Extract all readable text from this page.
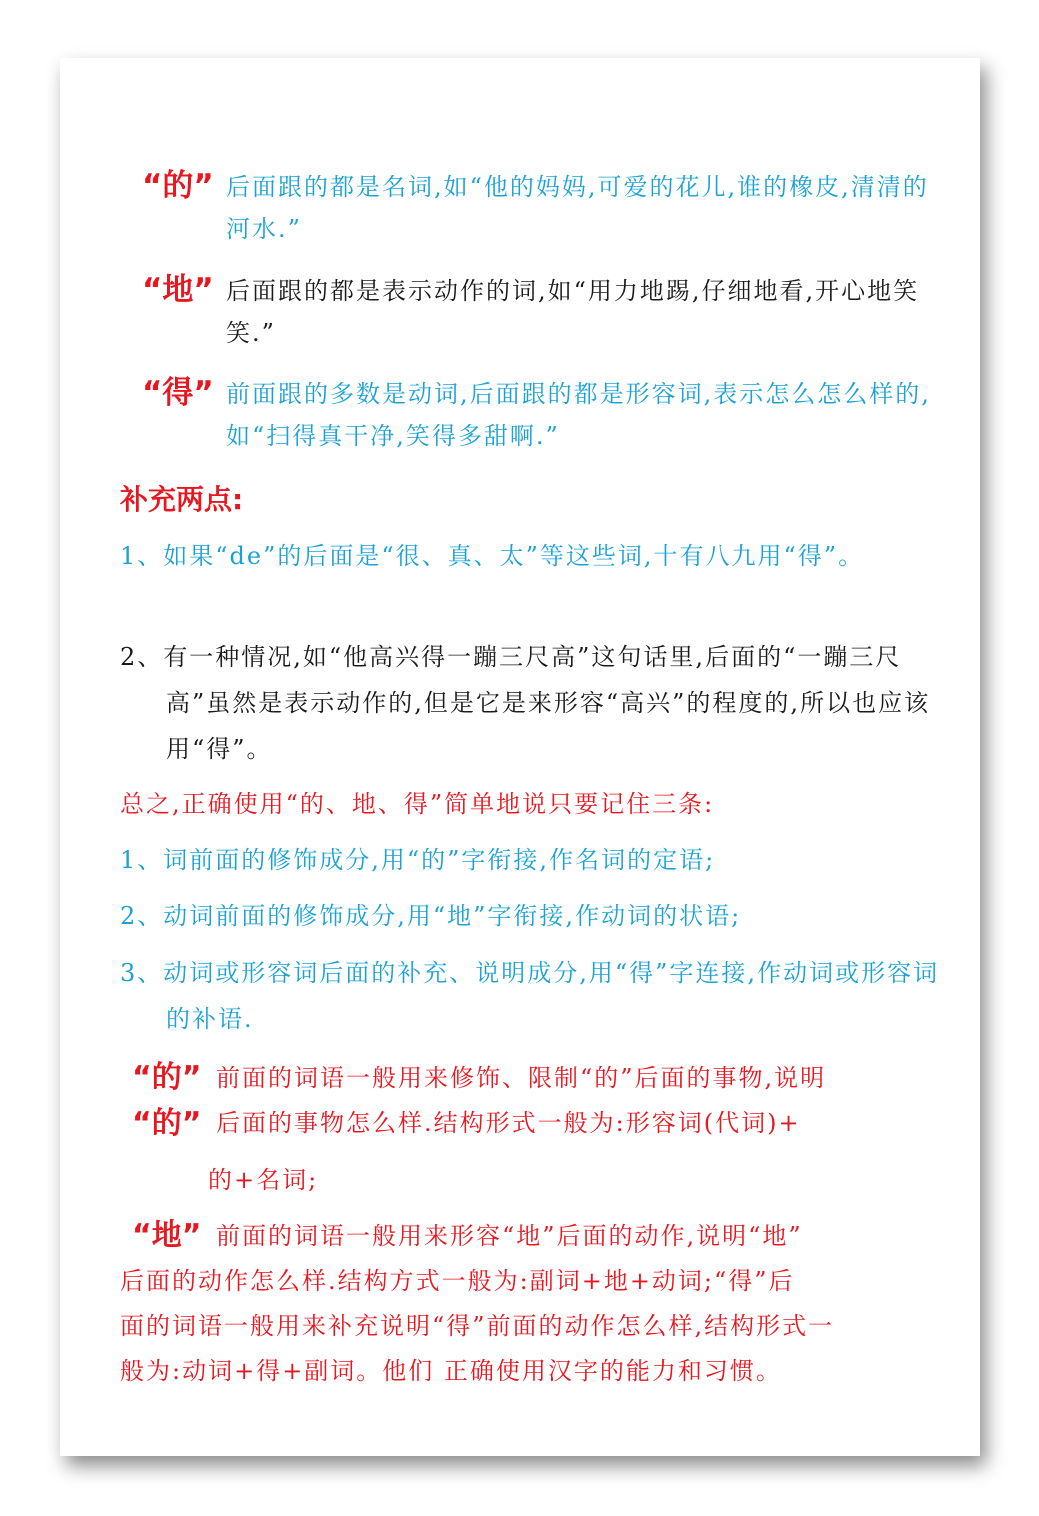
“的” 后面跟的都是名词,如“他的妈妈,可爱的花儿,谁的橡皮,清清的河水.”
“地” 后面跟的都是表示动作的词,如“用力地踢,仔细地看,开心地笑笑.”
“得” 前面跟的多数是动词,后面跟的都是形容词,表示怎么怎么样的,如“扫得真干净,笑得多甜啊.”
补充两点:
1、如果“de”的后面是“很、真、太”等这些词,十有八九用“得”。
2、有一种情况,如“他高兴得一蹦三尺高”这句话里,后面的“一蹦三尺高”虽然是表示动作的,但是它是来形容“高兴”的程度的,所以也应该用“得”。
总之,正确使用“的、地、得”简单地说只要记住三条:
1、词前面的修饰成分,用“的”字衔接,作名词的定语;
2、动词前面的修饰成分,用“地”字衔接,作动词的状语;
3、动词或形容词后面的补充、说明成分,用“得”字连接,作动词或形容词的补语.
“的”
“的”
前面的词语一般用来修饰、限制“的”后面的事物,说明
后面的事物怎么样.结构形式一般为:形容词(代词)+
的+名词;
“地” 前面的词语一般用来形容“地”后面的动作,说明“地”
后面的动作怎么样.结构方式一般为:副词+地+动词;“得”后
面的词语一般用来补充说明“得”前面的动作怎么样,结构形式一
般为:动词+得+副词。他们 正确使用汉字的能力和习惯。
